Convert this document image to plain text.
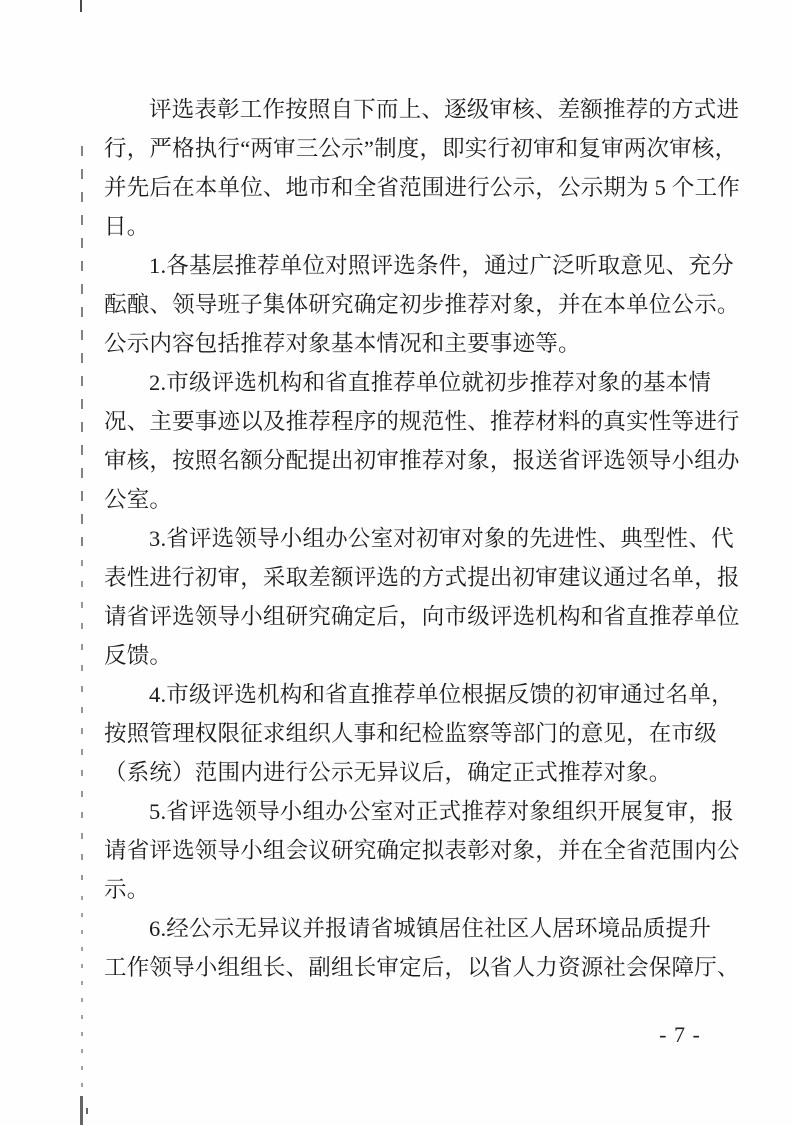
评选表彰工作按照自下而上、逐级审核、差额推荐的方式进
行，严格执行“两审三公示”制度，即实行初审和复审两次审核，
并先后在本单位、地市和全省范围进行公示，公示期为 5 个工作
日。
1.各基层推荐单位对照评选条件，通过广泛听取意见、充分
酝酿、领导班子集体研究确定初步推荐对象，并在本单位公示。
公示内容包括推荐对象基本情况和主要事迹等。
2.市级评选机构和省直推荐单位就初步推荐对象的基本情
况、主要事迹以及推荐程序的规范性、推荐材料的真实性等进行
审核，按照名额分配提出初审推荐对象，报送省评选领导小组办
公室。
3.省评选领导小组办公室对初审对象的先进性、典型性、代
表性进行初审，采取差额评选的方式提出初审建议通过名单，报
请省评选领导小组研究确定后，向市级评选机构和省直推荐单位
反馈。
4.市级评选机构和省直推荐单位根据反馈的初审通过名单，
按照管理权限征求组织人事和纪检监察等部门的意见，在市级
（系统）范围内进行公示无异议后，确定正式推荐对象。
5.省评选领导小组办公室对正式推荐对象组织开展复审，报
请省评选领导小组会议研究确定拟表彰对象，并在全省范围内公
示。
6.经公示无异议并报请省城镇居住社区人居环境品质提升
工作领导小组组长、副组长审定后，以省人力资源社会保障厅、
- 7 -
